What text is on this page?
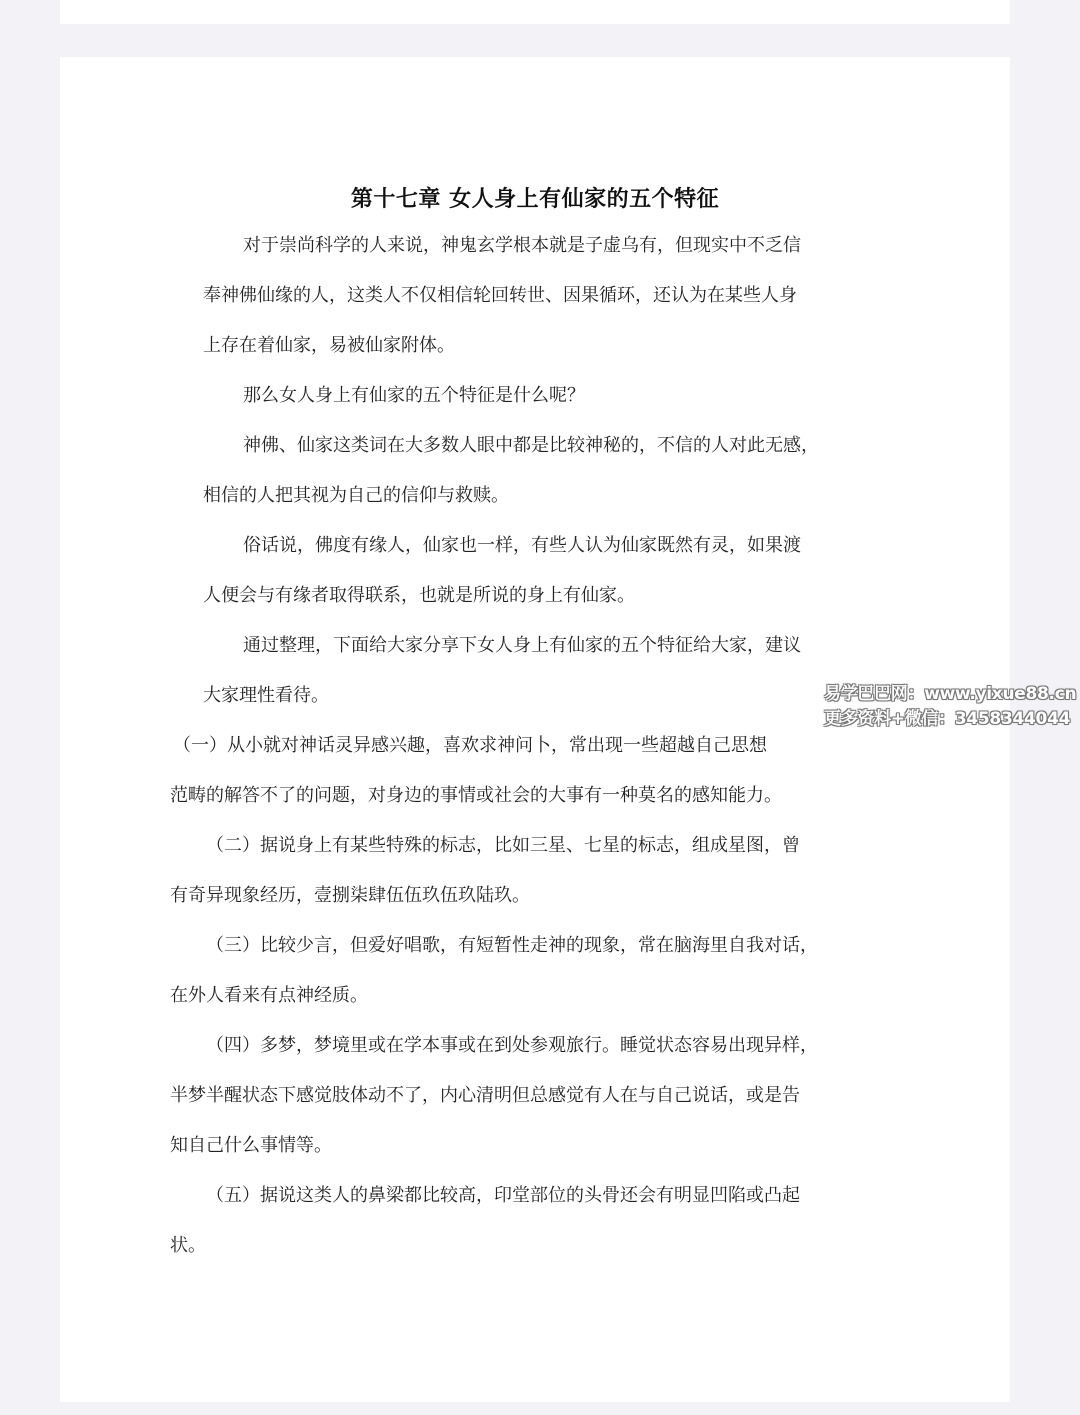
第十七章 女人身上有仙家的五个特征
对于崇尚科学的人来说，神鬼玄学根本就是子虚乌有，但现实中不乏信
奉神佛仙缘的人，这类人不仅相信轮回转世、因果循环，还认为在某些人身
上存在着仙家，易被仙家附体。
那么女人身上有仙家的五个特征是什么呢？
神佛、仙家这类词在大多数人眼中都是比较神秘的，不信的人对此无感，
相信的人把其视为自己的信仰与救赎。
俗话说，佛度有缘人，仙家也一样，有些人认为仙家既然有灵，如果渡
人便会与有缘者取得联系，也就是所说的身上有仙家。
通过整理，下面给大家分享下女人身上有仙家的五个特征给大家，建议
大家理性看待。
（一）从小就对神话灵异感兴趣，喜欢求神问卜，常出现一些超越自己思想
范畴的解答不了的问题，对身边的事情或社会的大事有一种莫名的感知能力。
（二）据说身上有某些特殊的标志，比如三星、七星的标志，组成星图，曾
有奇异现象经历，壹捌柒肆伍伍玖伍玖陆玖。
（三）比较少言，但爱好唱歌，有短暂性走神的现象，常在脑海里自我对话，
在外人看来有点神经质。
（四）多梦，梦境里或在学本事或在到处参观旅行。睡觉状态容易出现异样，
半梦半醒状态下感觉肢体动不了，内心清明但总感觉有人在与自己说话，或是告
知自己什么事情等。
（五）据说这类人的鼻梁都比较高，印堂部位的头骨还会有明显凹陷或凸起
状。
易学巴巴网：www.yixue88.cn
更多资料+微信：3458344044
